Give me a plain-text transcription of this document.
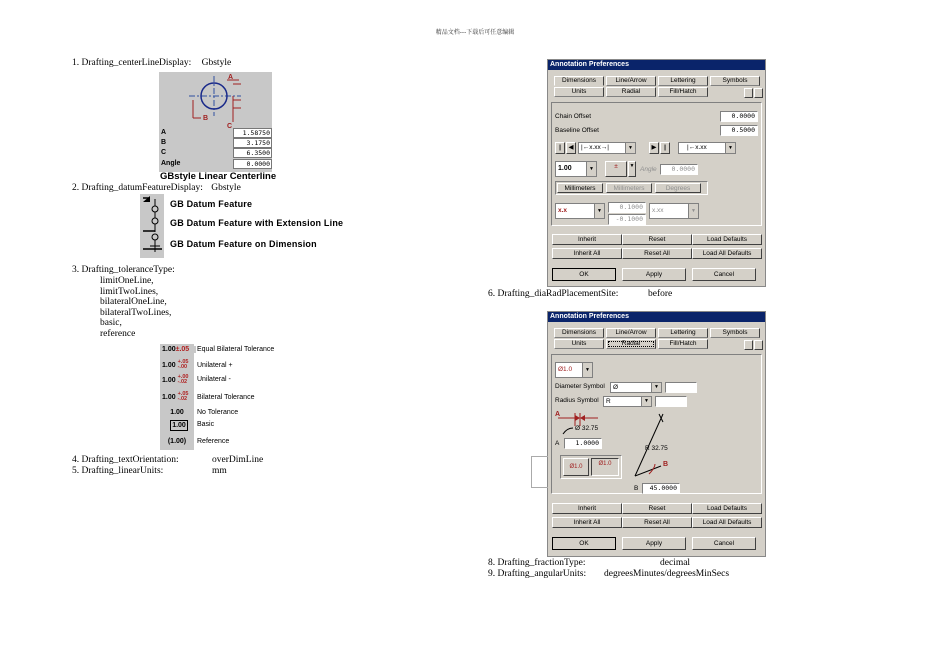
精品文档---下载后可任意编辑
1. Drafting_centerLineDisplay: Gbstyle
A
B
C
A	1.58750
B	3.1750
C	6.3500
Angle	0.0000
GBstyle Linear Centerline
2. Drafting_datumFeatureDisplay: Gbstyle
GB Datum Feature
GB Datum Feature with Extension Line
GB Datum Feature on Dimension
3. Drafting_toleranceType:
limitOneLine,
limitTwoLines,
bilateralOneLine,
bilateralTwoLines,
basic,
reference
1.00±.05	Equal Bilateral Tolerance
1.00 +.05
-.00	Unilateral +
1.00 +.00
-.02	Unilateral -
1.00 +.05
-.02	Bilateral Tolerance
1.00	No Tolerance
1.00	Basic
(1.00)	Reference
4. Drafting_textOrientation:	overDimLine
5. Drafting_linearUnits:	mm
Annotation Preferences
Dimensions	Line/Arrow	Lettering	Symbols
Units	Radial	Fill/Hatch
Chain Offset	0.0000
Baseline Offset	0.5000
|	◀	|←x.xx→|	▼	▶	|	|←x.xx	▼
1.00	▼	±	▼ Angle	0.0000
Millimeters	Millimeters	Degrees
x.x	▼	0.1000
-0.1000
x.xx	▼
Inherit	Reset	Load Defaults
Inherit All	Reset All	Load All Defaults
OK	Apply	Cancel
6. Drafting_diaRadPlacementSite:	before
Annotation Preferences
Dimensions	Line/Arrow	Lettering	Symbols
Units	Radial	Fill/Hatch
Ø1.0	▼
Diameter Symbol	Ø	▼
Radius Symbol	R	▼
A
Ø 32.75
R 32.75
B
A	1.0000
Ø1.0	Ø1.0
B	45.0000
Inherit	Reset	Load Defaults
Inherit All	Reset All	Load All Defaults
OK	Apply	Cancel
8. Drafting_fractionType:	decimal
9. Drafting_angularUnits: degreesMinutes/degreesMinSecs
